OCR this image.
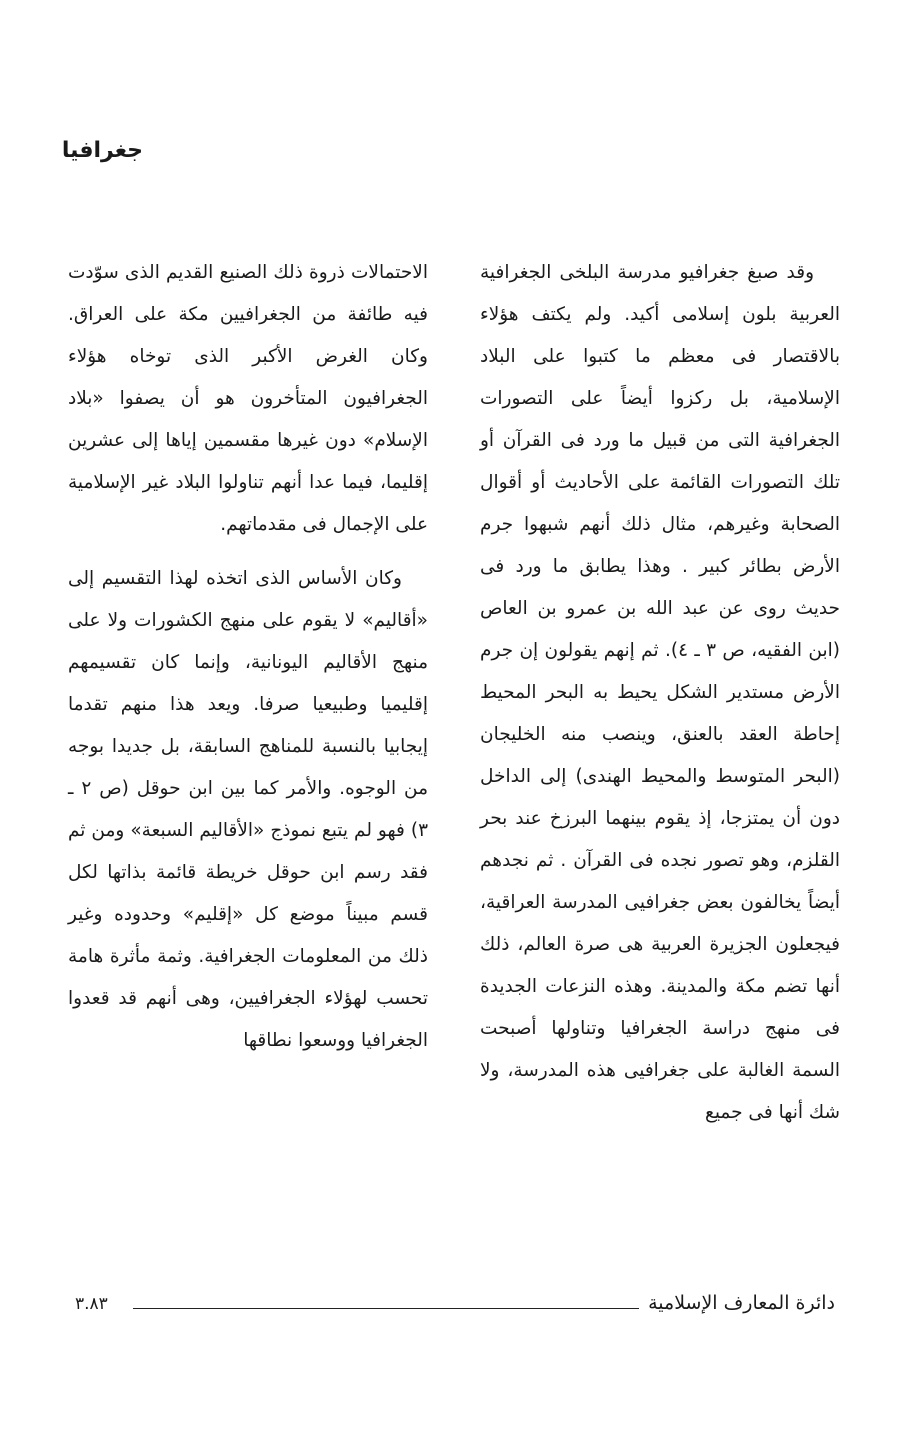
جغرافيا

وقد صبغ جغرافيو مدرسة البلخى الجغرافية العربية بلون إسلامى أكيد. ولم يكتف هؤلاء بالاقتصار فى معظم ما كتبوا على البلاد الإسلامية، بل ركزوا أيضاً على التصورات الجغرافية التى من قبيل ما ورد فى القرآن أو تلك التصورات القائمة على الأحاديث أو أقوال الصحابة وغيرهم، مثال ذلك أنهم شبهوا جرم الأرض بطائر كبير . وهذا يطابق ما ورد فى حديث روى عن عبد الله بن عمرو بن العاص (ابن الفقيه، ص ٣ ـ ٤). ثم إنهم يقولون إن جرم الأرض مستدير الشكل يحيط به البحر المحيط إحاطة العقد بالعنق، وينصب منه الخليجان (البحر المتوسط والمحيط الهندى) إلى الداخل دون أن يمتزجا، إذ يقوم بينهما البرزخ عند بحر القلزم، وهو تصور نجده فى القرآن . ثم نجدهم أيضاً يخالفون بعض جغرافيى المدرسة العراقية، فيجعلون الجزيرة العربية هى صرة العالم، ذلك أنها تضم مكة والمدينة. وهذه النزعات الجديدة فى منهج دراسة الجغرافيا وتناولها أصبحت السمة الغالبة على جغرافيى هذه المدرسة، ولا شك أنها فى جميع

الاحتمالات ذروة ذلك الصنيع القديم الذى سوّدت فيه طائفة من الجغرافيين مكة على العراق. وكان الغرض الأكبر الذى توخاه هؤلاء الجغرافيون المتأخرون هو أن يصفوا «بلاد الإسلام» دون غيرها مقسمين إياها إلى عشرين إقليما، فيما عدا أنهم تناولوا البلاد غير الإسلامية على الإجمال فى مقدماتهم.

وكان الأساس الذى اتخذه لهذا التقسيم إلى «أقاليم» لا يقوم على منهج الكشورات ولا على منهج الأقاليم اليونانية، وإنما كان تقسيمهم إقليميا وطبيعيا صرفا. ويعد هذا منهم تقدما إيجابيا بالنسبة للمناهج السابقة، بل جديدا بوجه من الوجوه. والأمر كما بين ابن حوقل (ص ٢ ـ ٣) فهو لم يتبع نموذج «الأقاليم السبعة» ومن ثم فقد رسم ابن حوقل خريطة قائمة بذاتها لكل قسم مبيناً موضع كل «إقليم» وحدوده وغير ذلك من المعلومات الجغرافية. وثمة مأثرة هامة تحسب لهؤلاء الجغرافيين، وهى أنهم قد قعدوا الجغرافيا ووسعوا نطاقها

٣.٨٣	دائرة المعارف الإسلامية
